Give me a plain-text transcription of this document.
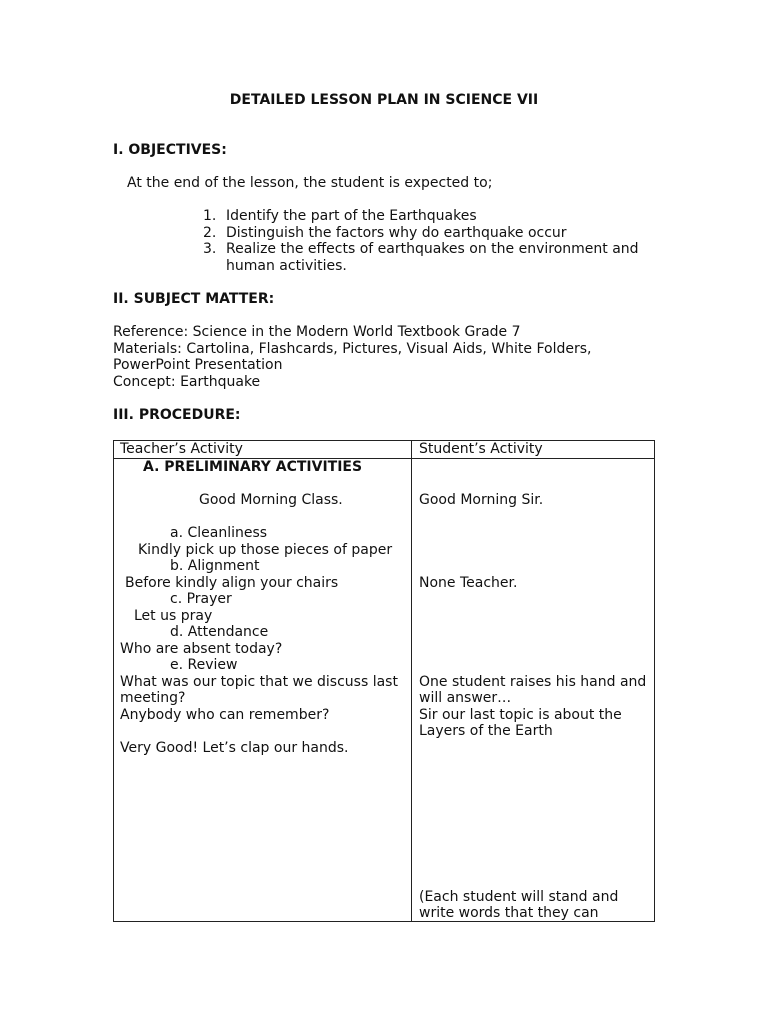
DETAILED LESSON PLAN IN SCIENCE VII
I. OBJECTIVES:
At the end of the lesson, the student is expected to;
1. Identify the part of the Earthquakes
2. Distinguish the factors why do earthquake occur
3. Realize the effects of earthquakes on the environment and
human activities.
II. SUBJECT MATTER:
Reference: Science in the Modern World Textbook Grade 7
Materials: Cartolina, Flashcards, Pictures, Visual Aids, White Folders,
PowerPoint Presentation
Concept: Earthquake
III. PROCEDURE:
Teacher’s Activity	Student’s Activity
A. PRELIMINARY ACTIVITIES
Good Morning Class.
a. Cleanliness
Kindly pick up those pieces of paper
b. Alignment
Before kindly align your chairs
c. Prayer
Let us pray
d. Attendance
Who are absent today?
e. Review
What was our topic that we discuss last
meeting?
Anybody who can remember?
Very Good! Let’s clap our hands.
Good Morning Sir.
None Teacher.
One student raises his hand and
will answer…
Sir our last topic is about the
Layers of the Earth
(Each student will stand and
write words that they can
